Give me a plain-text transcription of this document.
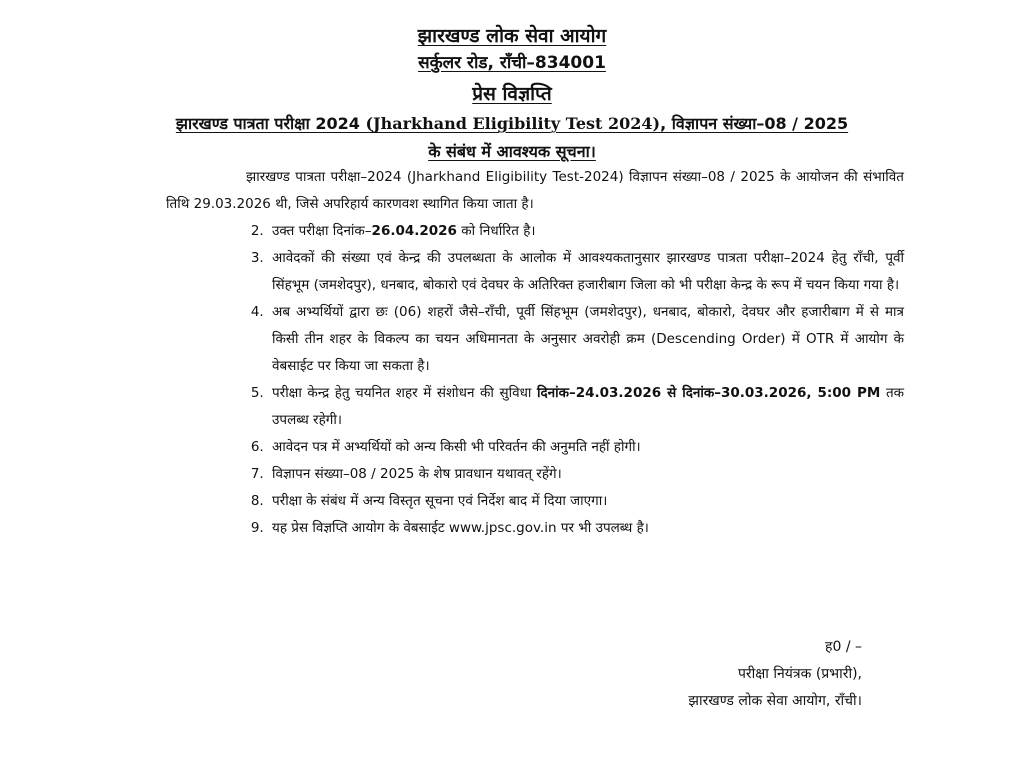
झारखण्ड लोक सेवा आयोग
सर्कुलर रोड, राँची–834001
प्रेस विज्ञप्ति
झारखण्ड पात्रता परीक्षा 2024 (Jharkhand Eligibility Test 2024), विज्ञापन संख्या–08 / 2025
के संबंध में आवश्यक सूचना।

झारखण्ड पात्रता परीक्षा–2024 (Jharkhand Eligibility Test-2024) विज्ञापन संख्या–08 / 2025 के आयोजन की संभावित तिथि 29.03.2026 थी, जिसे अपरिहार्य कारणवश स्थागित किया जाता है।

2. उक्त परीक्षा दिनांक–26.04.2026 को निर्धारित है।
3. आवेदकों की संख्या एवं केन्द्र की उपलब्धता के आलोक में आवश्यकतानुसार झारखण्ड पात्रता परीक्षा–2024 हेतु राँची, पूर्वी सिंहभूम (जमशेदपुर), धनबाद, बोकारो एवं देवघर के अतिरिक्त हजारीबाग जिला को भी परीक्षा केन्द्र के रूप में चयन किया गया है।
4. अब अभ्यर्थियों द्वारा छः (06) शहरों जैसे–राँची, पूर्वी सिंहभूम (जमशेदपुर), धनबाद, बोकारो, देवघर और हजारीबाग में से मात्र किसी तीन शहर के विकल्प का चयन अधिमानता के अनुसार अवरोही क्रम (Descending Order) में OTR में आयोग के वेबसाईट पर किया जा सकता है।
5. परीक्षा केन्द्र हेतु चयनित शहर में संशोधन की सुविधा दिनांक–24.03.2026 से दिनांक–30.03.2026, 5:00 PM तक उपलब्ध रहेगी।
6. आवेदन पत्र में अभ्यर्थियों को अन्य किसी भी परिवर्तन की अनुमति नहीं होगी।
7. विज्ञापन संख्या–08 / 2025 के शेष प्रावधान यथावत् रहेंगे।
8. परीक्षा के संबंध में अन्य विस्तृत सूचना एवं निर्देश बाद में दिया जाएगा।
9. यह प्रेस विज्ञप्ति आयोग के वेबसाईट www.jpsc.gov.in पर भी उपलब्ध है।
ह0 / –
परीक्षा नियंत्रक (प्रभारी),
झारखण्ड लोक सेवा आयोग, राँची।
